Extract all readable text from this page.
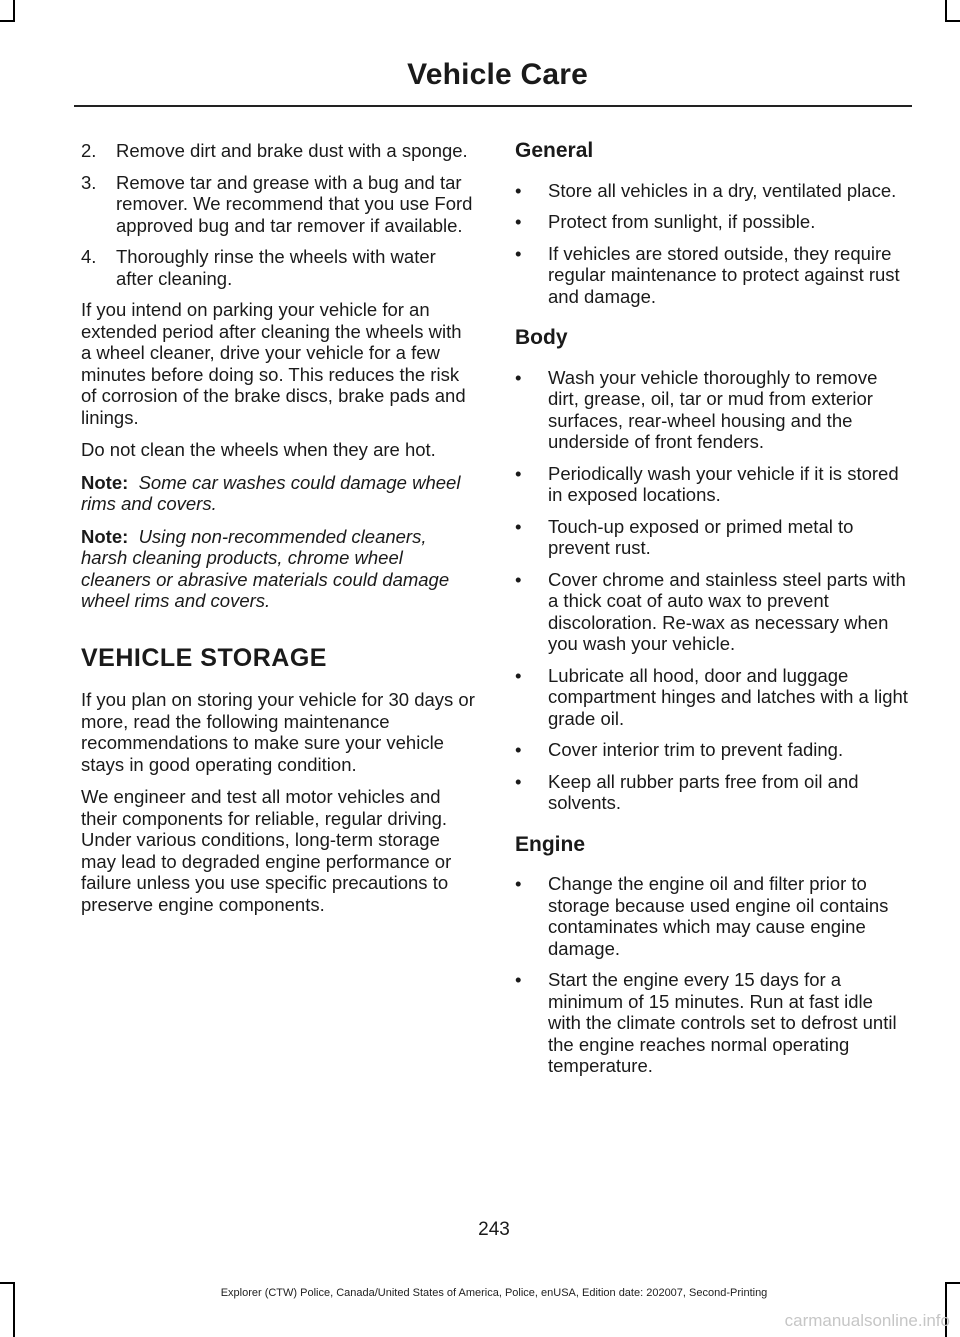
Vehicle Care
2. Remove dirt and brake dust with a sponge.
3. Remove tar and grease with a bug and tar remover. We recommend that you use Ford approved bug and tar remover if available.
4. Thoroughly rinse the wheels with water after cleaning.

If you intend on parking your vehicle for an extended period after cleaning the wheels with a wheel cleaner, drive your vehicle for a few minutes before doing so. This reduces the risk of corrosion of the brake discs, brake pads and linings.

Do not clean the wheels when they are hot.

Note: Some car washes could damage wheel rims and covers.

Note: Using non-recommended cleaners, harsh cleaning products, chrome wheel cleaners or abrasive materials could damage wheel rims and covers.

VEHICLE STORAGE

If you plan on storing your vehicle for 30 days or more, read the following maintenance recommendations to make sure your vehicle stays in good operating condition.

We engineer and test all motor vehicles and their components for reliable, regular driving. Under various conditions, long-term storage may lead to degraded engine performance or failure unless you use specific precautions to preserve engine components.

General
• Store all vehicles in a dry, ventilated place.
• Protect from sunlight, if possible.
• If vehicles are stored outside, they require regular maintenance to protect against rust and damage.
Body
• Wash your vehicle thoroughly to remove dirt, grease, oil, tar or mud from exterior surfaces, rear-wheel housing and the underside of front fenders.
• Periodically wash your vehicle if it is stored in exposed locations.
• Touch-up exposed or primed metal to prevent rust.
• Cover chrome and stainless steel parts with a thick coat of auto wax to prevent discoloration. Re-wax as necessary when you wash your vehicle.
• Lubricate all hood, door and luggage compartment hinges and latches with a light grade oil.
• Cover interior trim to prevent fading.
• Keep all rubber parts free from oil and solvents.
Engine
• Change the engine oil and filter prior to storage because used engine oil contains contaminates which may cause engine damage.
• Start the engine every 15 days for a minimum of 15 minutes. Run at fast idle with the climate controls set to defrost until the engine reaches normal operating temperature.
243
Explorer (CTW) Police, Canada/United States of America, Police, enUSA, Edition date: 202007, Second-Printing
carmanualsonline.info
